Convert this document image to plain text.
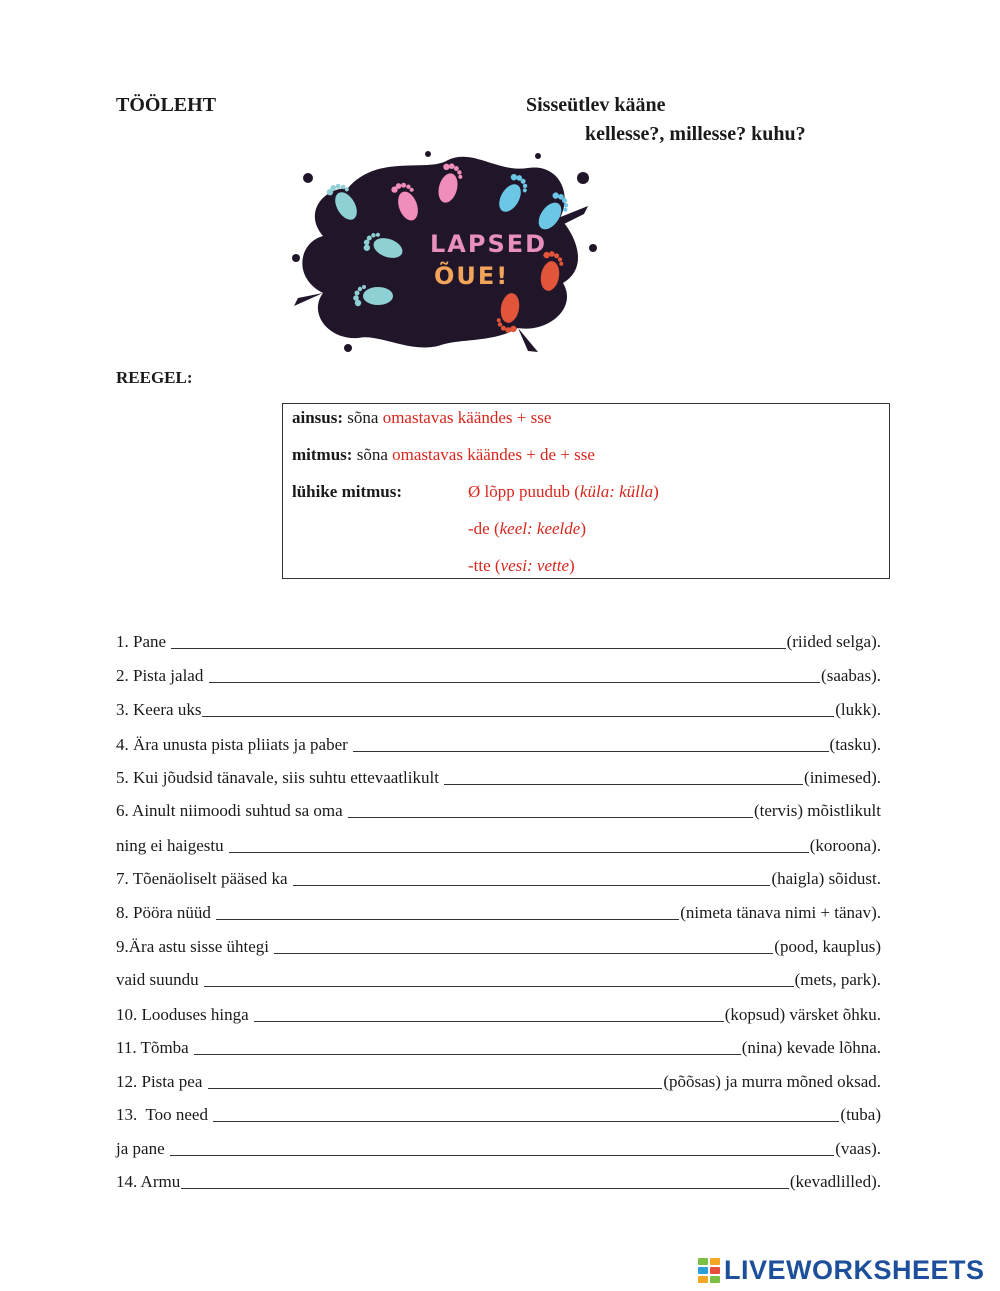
TÖÖLEHT	Sisseütlev kääne
kellesse?, millesse? kuhu?
LAPSED
ÕUE!
REEGEL:
ainsus: sõna omastavas käändes + sse
mitmus: sõna omastavas käändes + de + sse
lühike mitmus:	Ø lõpp puudub (küla: külla)
-de (keel: keelde)
-tte (vesi: vette)
1. Pane	(riided selga).
2. Pista jalad	(saabas).
3. Keera uks	(lukk).
4. Ära unusta pista pliiats ja paber	(tasku).
5. Kui jõudsid tänavale, siis suhtu ettevaatlikult	(inimesed).
6. Ainult niimoodi suhtud sa oma	(tervis) mõistlikult
ning ei haigestu	(koroona).
7. Tõenäoliselt pääsed ka	(haigla) sõidust.
8. Pööra nüüd	(nimeta tänava nimi + tänav).
9.Ära astu sisse ühtegi	(pood, kauplus)
vaid suundu	(mets, park).
10. Looduses hinga	(kopsud) värsket õhku.
11. Tõmba	(nina) kevade lõhna.
12. Pista pea	(põõsas) ja murra mõned oksad.
13.  Too need	(tuba)
ja pane	(vaas).
14. Armu	(kevadlilled).
LIVEWORKSHEETS
